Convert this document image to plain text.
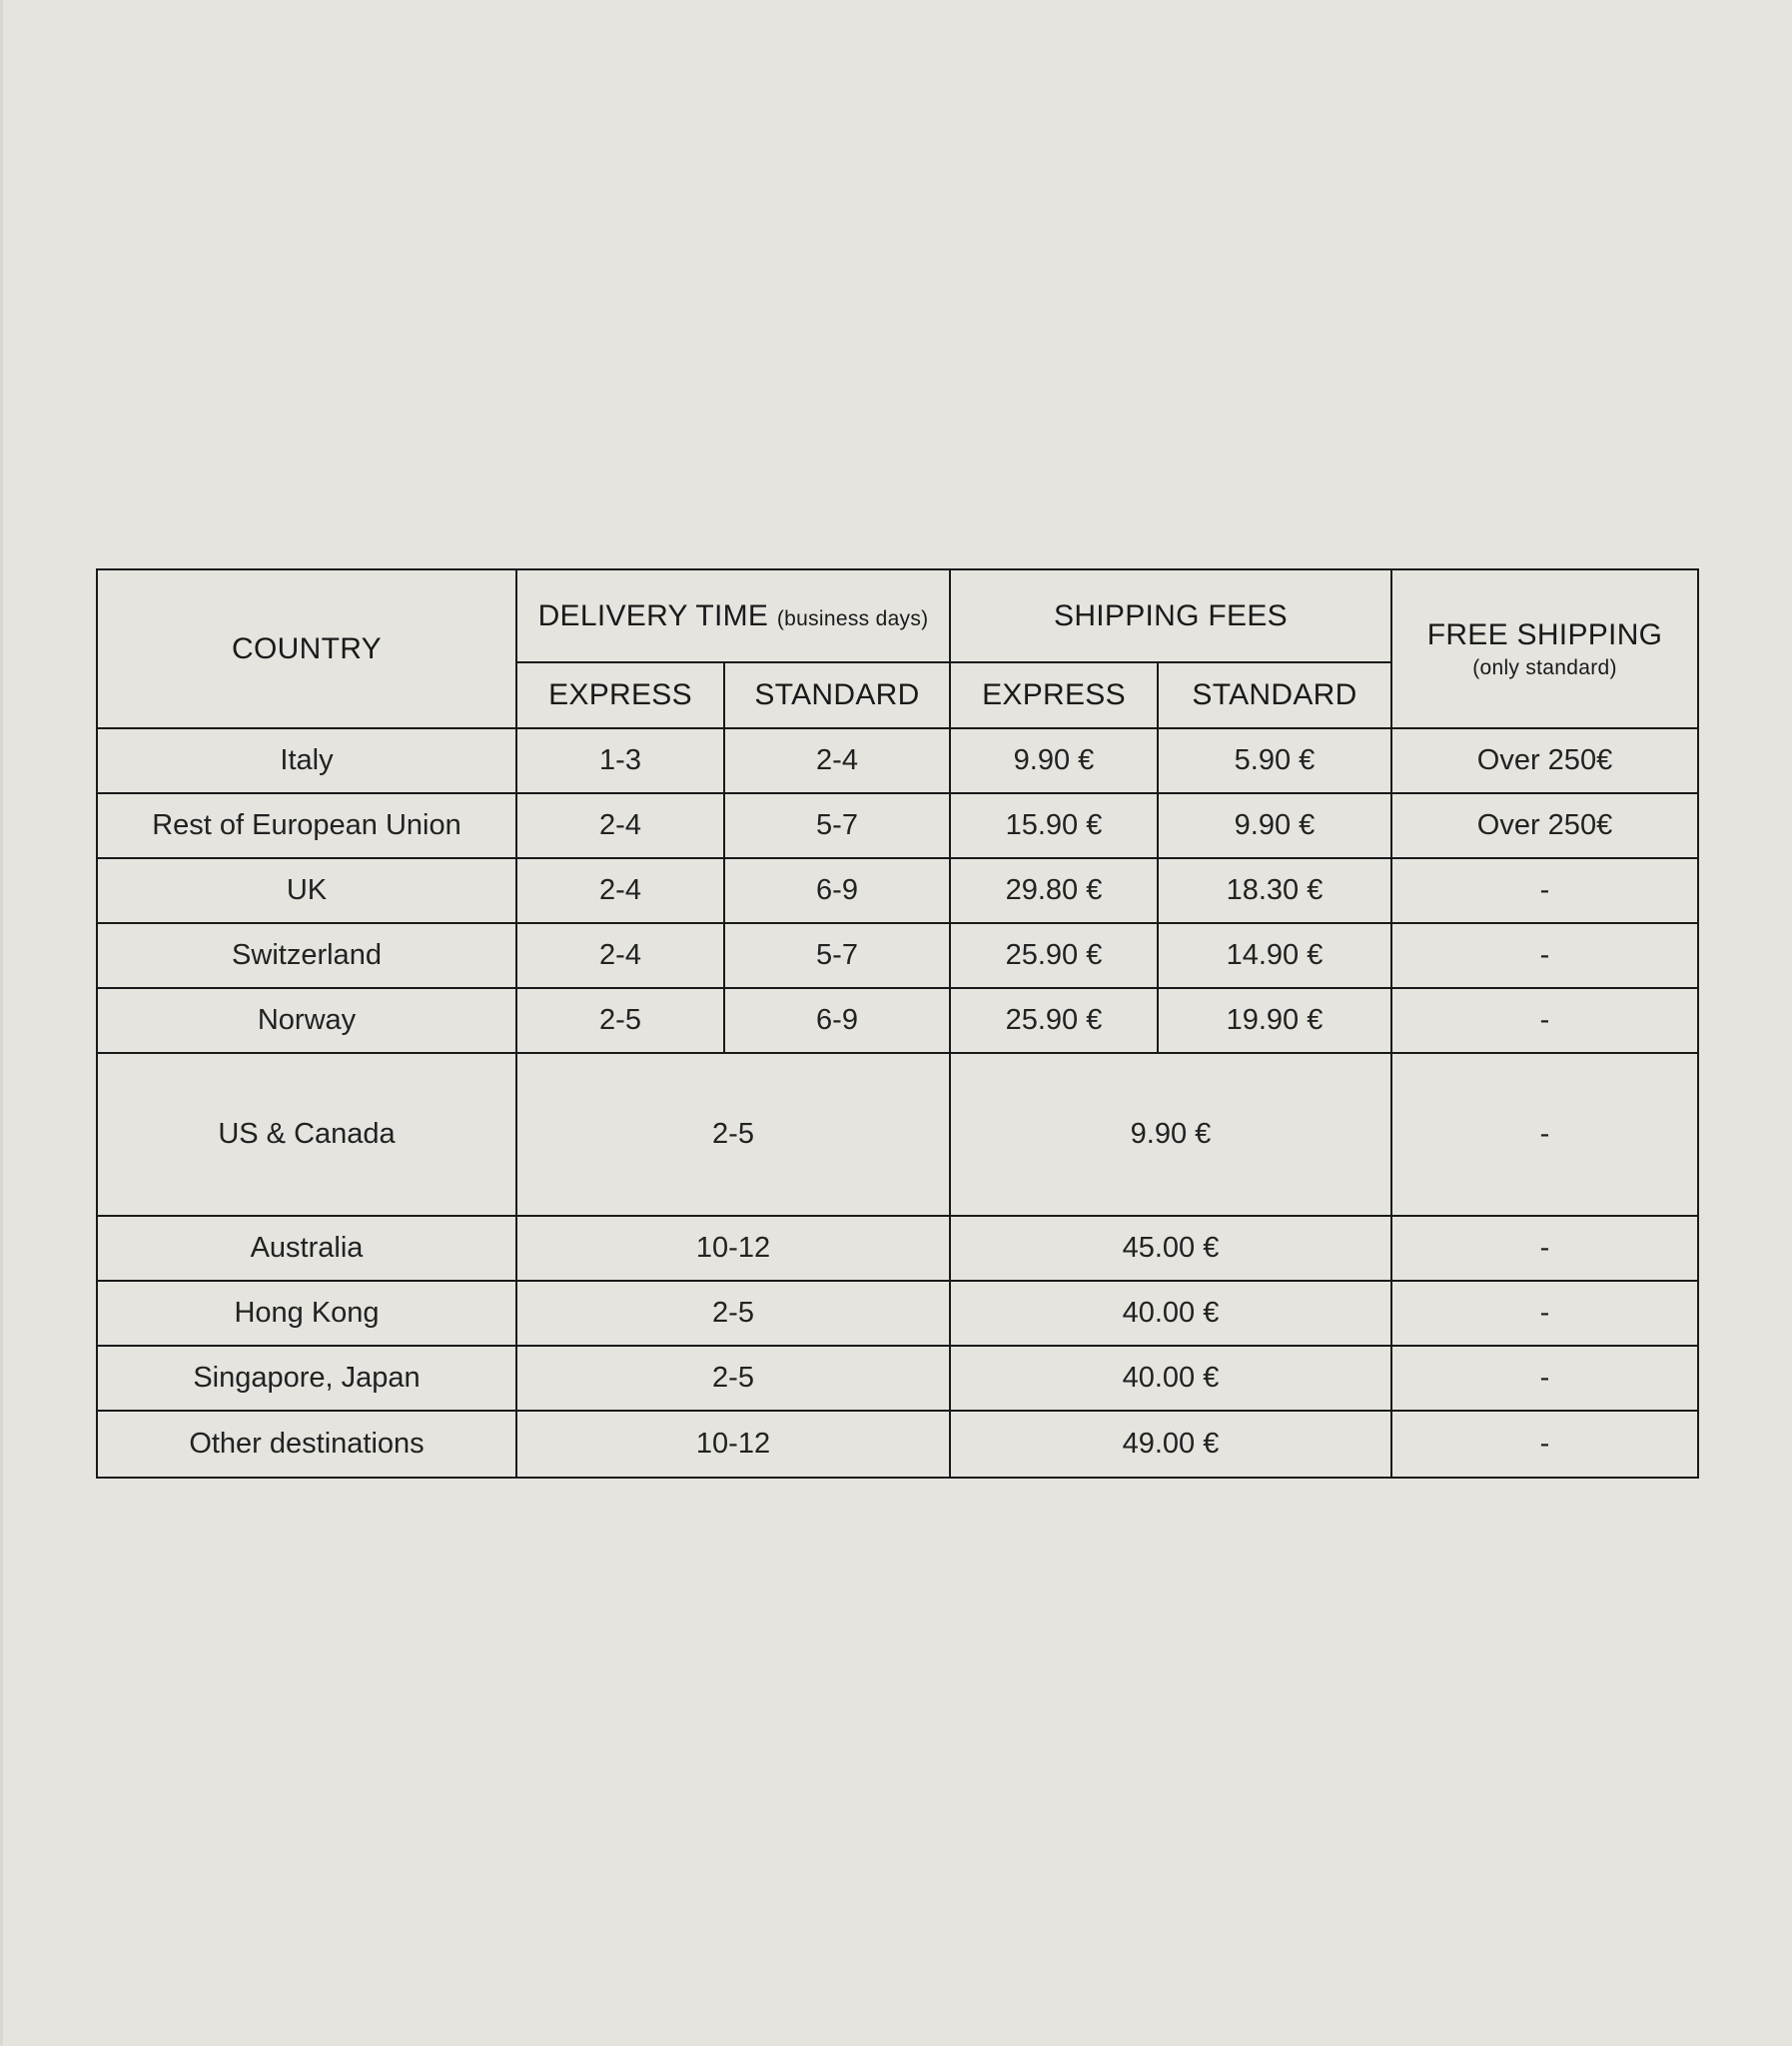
COUNTRY	DELIVERY TIME (business days)		SHIPPING FEES		FREE SHIPPING
(only standard)

	EXPRESS	STANDARD	EXPRESS	STANDARD	
Italy	1-3	2-4	9.90 €	5.90 €	Over 250€
Rest of European Union	2-4	5-7	15.90 €	9.90 €	Over 250€
UK	2-4	6-9	29.80 €	18.30 €	-
Switzerland	2-4	5-7	25.90 €	14.90 €	-
Norway	2-5	6-9	25.90 €	19.90 €	-
US & Canada	2-5		9.90 €		-
Australia	10-12		45.00 €		-
Hong Kong	2-5		40.00 €		-
Singapore, Japan	2-5		40.00 €		-
Other destinations	10-12		49.00 €		-
